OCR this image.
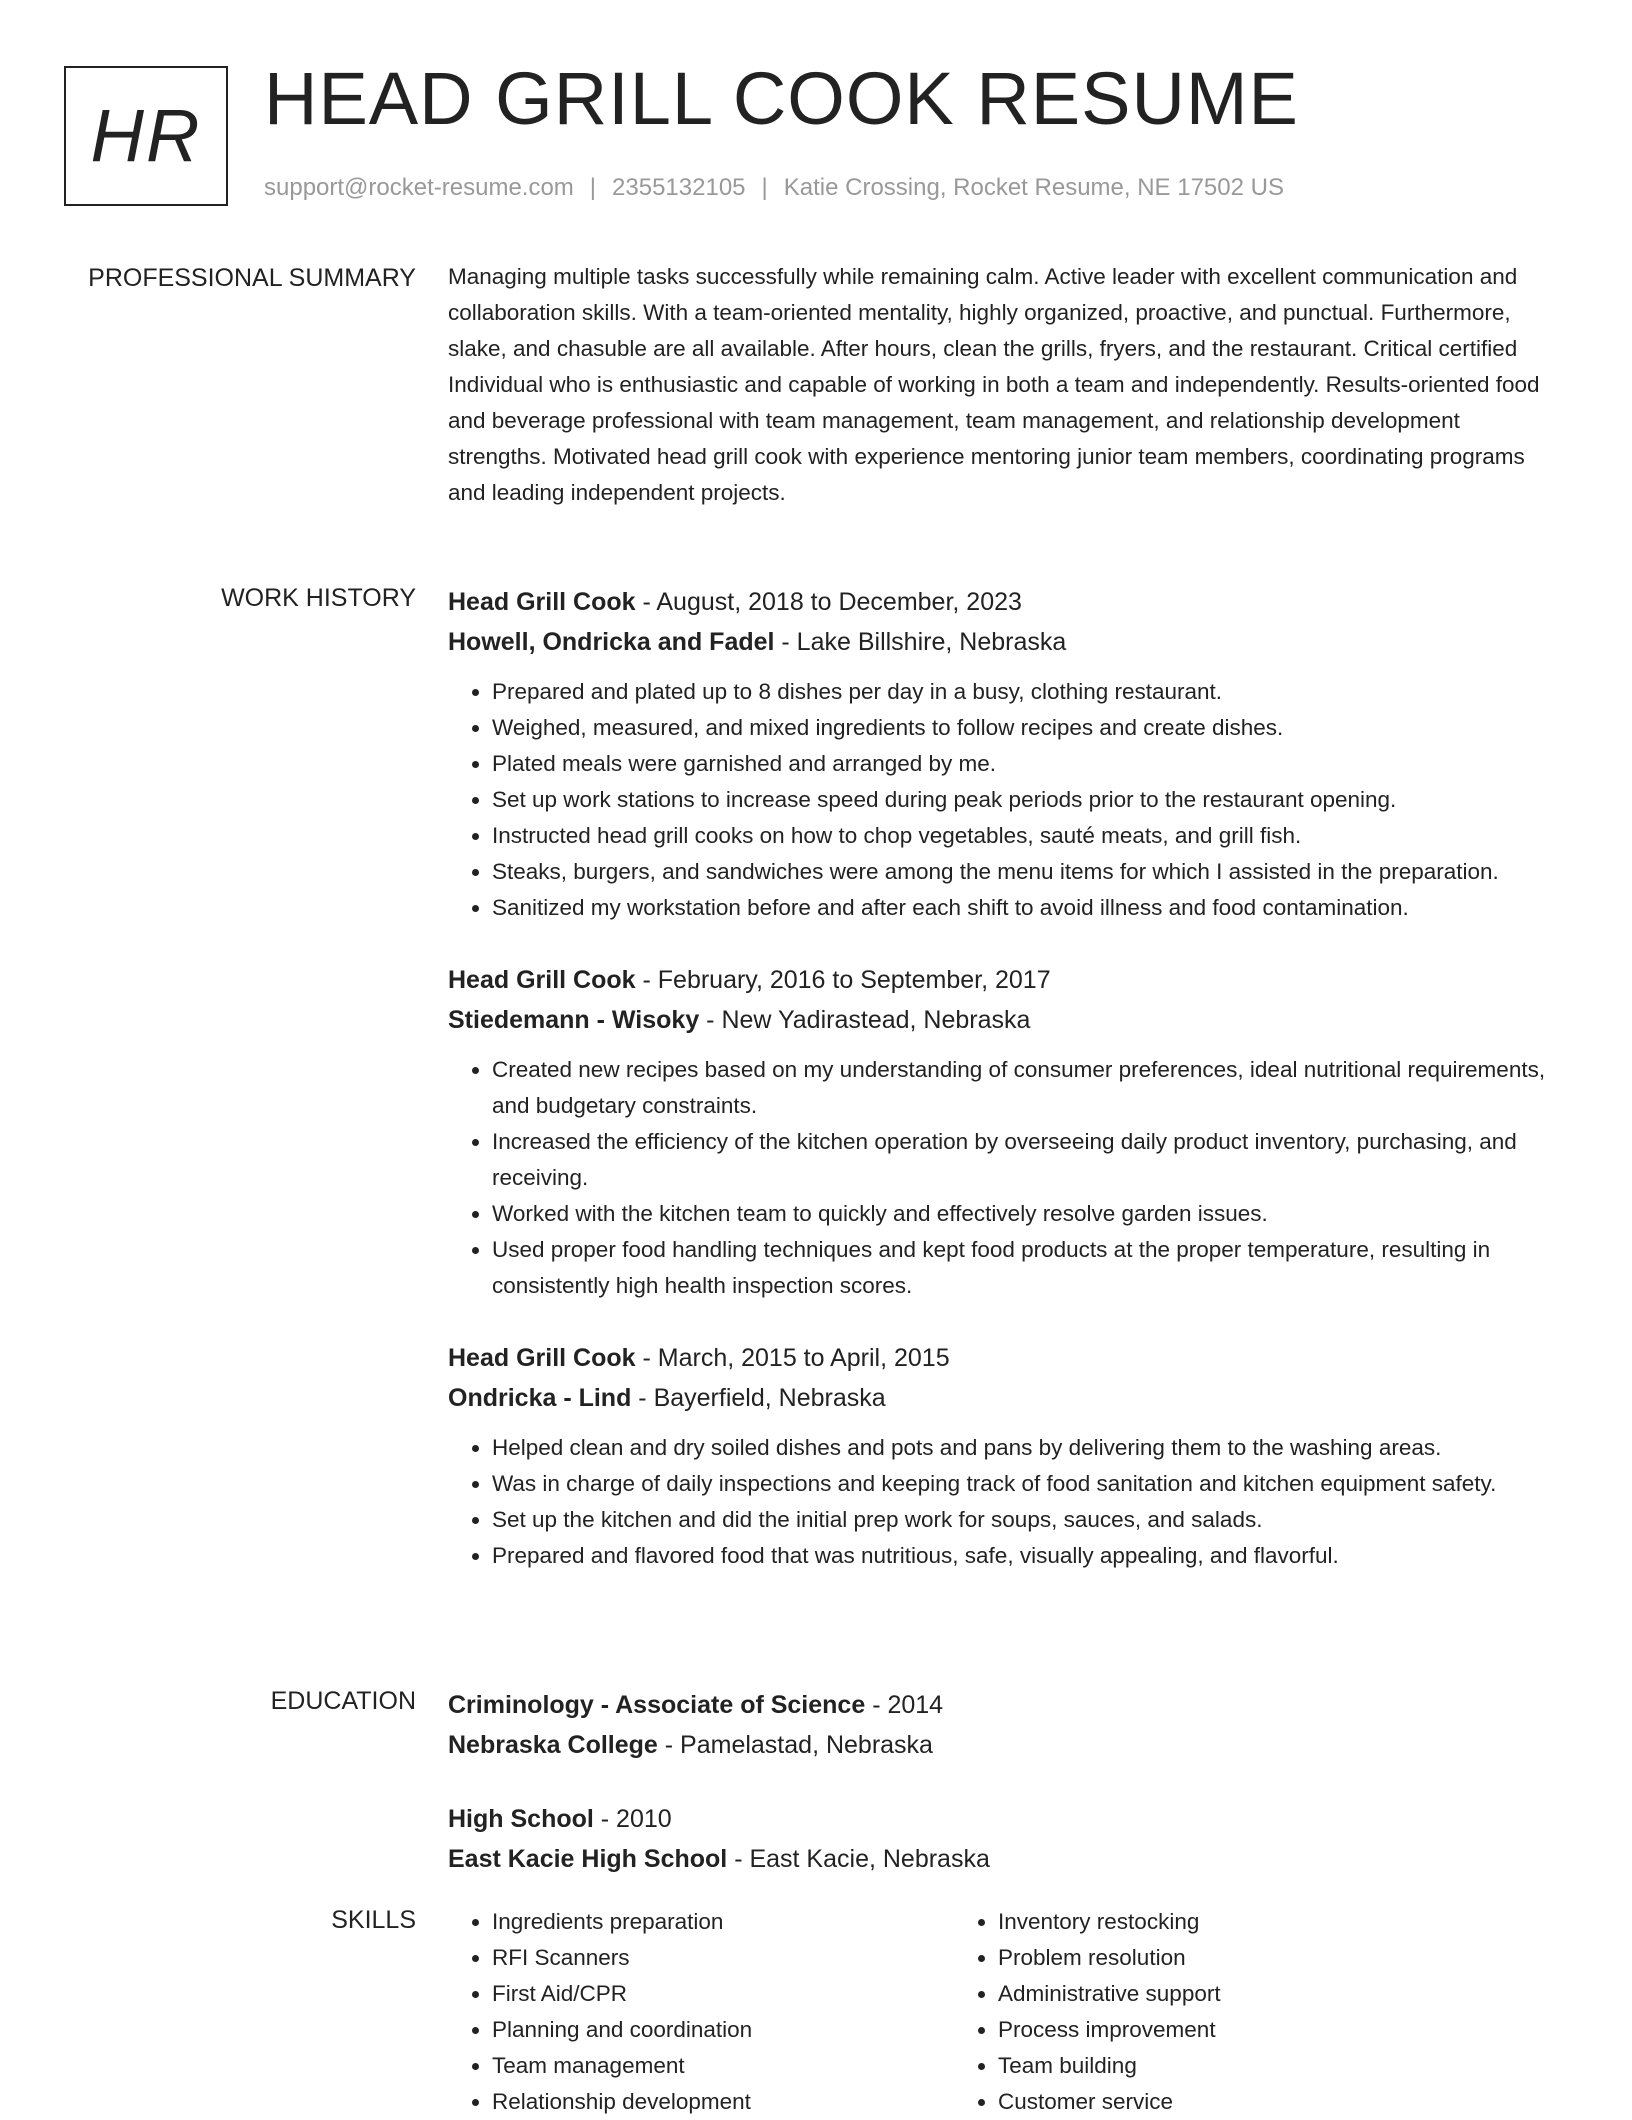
HR HEAD GRILL COOK RESUME
support@rocket-resume.com | 2355132105 | Katie Crossing, Rocket Resume, NE 17502 US
PROFESSIONAL SUMMARY Managing multiple tasks successfully while remaining calm. Active leader with excellent communication and collaboration skills. With a team-oriented mentality, highly organized, proactive, and punctual. Furthermore, slake, and chasuble are all available. After hours, clean the grills, fryers, and the restaurant. Critical certified Individual who is enthusiastic and capable of working in both a team and independently. Results-oriented food and beverage professional with team management, team management, and relationship development strengths. Motivated head grill cook with experience mentoring junior team members, coordinating programs and leading independent projects.

WORK HISTORY Head Grill Cook - August, 2018 to December, 2023
Howell, Ondricka and Fadel - Lake Billshire, Nebraska
• Prepared and plated up to 8 dishes per day in a busy, clothing restaurant.
• Weighed, measured, and mixed ingredients to follow recipes and create dishes.
• Plated meals were garnished and arranged by me.
• Set up work stations to increase speed during peak periods prior to the restaurant opening.
• Instructed head grill cooks on how to chop vegetables, sauté meats, and grill fish.
• Steaks, burgers, and sandwiches were among the menu items for which I assisted in the preparation.
• Sanitized my workstation before and after each shift to avoid illness and food contamination.
Head Grill Cook - February, 2016 to September, 2017
Stiedemann - Wisoky - New Yadirastead, Nebraska
• Created new recipes based on my understanding of consumer preferences, ideal nutritional requirements, and budgetary constraints.
• Increased the efficiency of the kitchen operation by overseeing daily product inventory, purchasing, and receiving.
• Worked with the kitchen team to quickly and effectively resolve garden issues.
• Used proper food handling techniques and kept food products at the proper temperature, resulting in consistently high health inspection scores.
Head Grill Cook - March, 2015 to April, 2015
Ondricka - Lind - Bayerfield, Nebraska
• Helped clean and dry soiled dishes and pots and pans by delivering them to the washing areas.
• Was in charge of daily inspections and keeping track of food sanitation and kitchen equipment safety.
• Set up the kitchen and did the initial prep work for soups, sauces, and salads.
• Prepared and flavored food that was nutritious, safe, visually appealing, and flavorful.
EDUCATION Criminology - Associate of Science - 2014
Nebraska College - Pamelastad, Nebraska
High School - 2010
East Kacie High School - East Kacie, Nebraska
SKILLS
•	Ingredients preparation
• RFI Scanners
• First Aid/CPR
• Planning and coordination
• Team management
• Relationship development
• Inventory restocking
• Problem resolution
• Administrative support
• Process improvement
• Team building
• Customer service
